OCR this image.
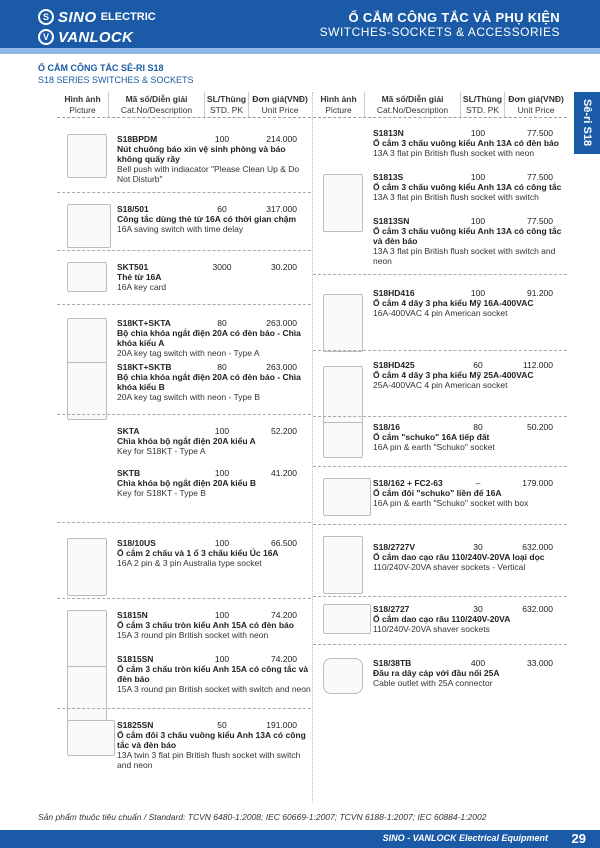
S SINO ELECTRIC
V VANLOCK
Ổ CẮM CÔNG TẮC VÀ PHỤ KIỆN
SWITCHES-SOCKETS & ACCESSORIES
Ổ CẮM CÔNG TẮC SÊ-RI S18
S18 SERIES SWITCHES & SOCKETS
Sê-ri S18
Hình ảnh
Picture
Mã số/Diễn giải
Cat.No/Description
SL/Thùng
STD. PK
Đơn giá(VNĐ)
Unit Price
S18BPDM	100	214.000
Nút chuông báo xin vệ sinh phòng và báo không quấy rầy
Bell push with indiacator "Please Clean Up & Do Not Disturb"
S18/501	60	317.000
Công tắc dùng thẻ từ 16A có thời gian chậm
16A saving switch with time delay
SKT501	3000	30.200
Thẻ từ 16A
16A key card
S18KT+SKTA	80	263.000
Bộ chìa khóa ngắt điện 20A có đèn báo - Chìa khóa kiểu A
20A key tag switch with neon - Type A
S18KT+SKTB	80	263.000
Bộ chìa khóa ngắt điện 20A có đèn báo - Chìa khóa kiểu B
20A key tag switch with neon - Type B
SKTA	100	52.200
Chìa khóa bộ ngắt điện 20A kiểu A
Key for S18KT - Type A
SKTB	100	41.200
Chìa khóa bộ ngắt điện 20A kiểu B
Key for S18KT - Type B
S18/10US	100	66.500
Ổ cắm 2 chấu và 1 ổ 3 chấu kiểu Úc 16A
16A 2 pin & 3 pin Australia type socket
S1815N	100	74.200
Ổ cắm 3 chấu tròn kiểu Anh 15A có đèn báo
15A 3 round pin British socket with neon
S1815SN	100	74.200
Ổ cắm 3 chấu tròn kiểu Anh 15A có công tắc và đèn báo
15A 3 round pin British socket with switch and neon
S1825SN	50	191.000
Ổ cắm đôi 3 chấu vuông kiểu Anh 13A có công tắc và đèn báo
13A twin 3 flat pin British flush socket with switch and neon
Hình ảnh
Picture
Mã số/Diễn giải
Cat.No/Description
SL/Thùng
STD. PK
Đơn giá(VNĐ)
Unit Price
S1813N	100	77.500
Ổ cắm 3 chấu vuông kiểu Anh 13A có đèn báo
13A 3 flat pin British flush socket with neon
S1813S	100	77.500
Ổ cắm 3 chấu vuông kiểu Anh 13A có công tắc
13A 3 flat pin British flush socket with switch
S1813SN	100	77.500
Ổ cắm 3 chấu vuông kiểu Anh 13A có công tắc và đèn báo
13A 3 flat pin British flush socket with switch and neon
S18HD416	100	91.200
Ổ cắm 4 dây 3 pha kiểu Mỹ 16A-400VAC
16A-400VAC 4 pin American socket
S18HD425	60	112.000
Ổ cắm 4 dây 3 pha kiểu Mỹ 25A-400VAC
25A-400VAC 4 pin American socket
S18/16	80	50.200
Ổ cắm "schuko" 16A tiếp đất
16A pin & earth "Schuko" socket
S18/162 + FC2-63	–	179.000
Ổ cắm đôi "schuko" liền đế 16A
16A pin & earth "Schuko" socket with box
S18/2727V	30	632.000
Ổ cắm dao cạo râu 110/240V-20VA loại dọc
110/240V-20VA shaver sockets - Vertical
S18/2727	30	632.000
Ổ cắm dao cạo râu 110/240V-20VA
110/240V-20VA shaver sockets
S18/38TB	400	33.000
Đầu ra dây cáp với đầu nối 25A
Cable outlet with 25A connector
Sản phẩm thuộc tiêu chuẩn / Standard: TCVN 6480-1:2008; IEC 60669-1:2007; TCVN 6188-1:2007; IEC 60884-1:2002
SINO - VANLOCK Electrical Equipment 29
